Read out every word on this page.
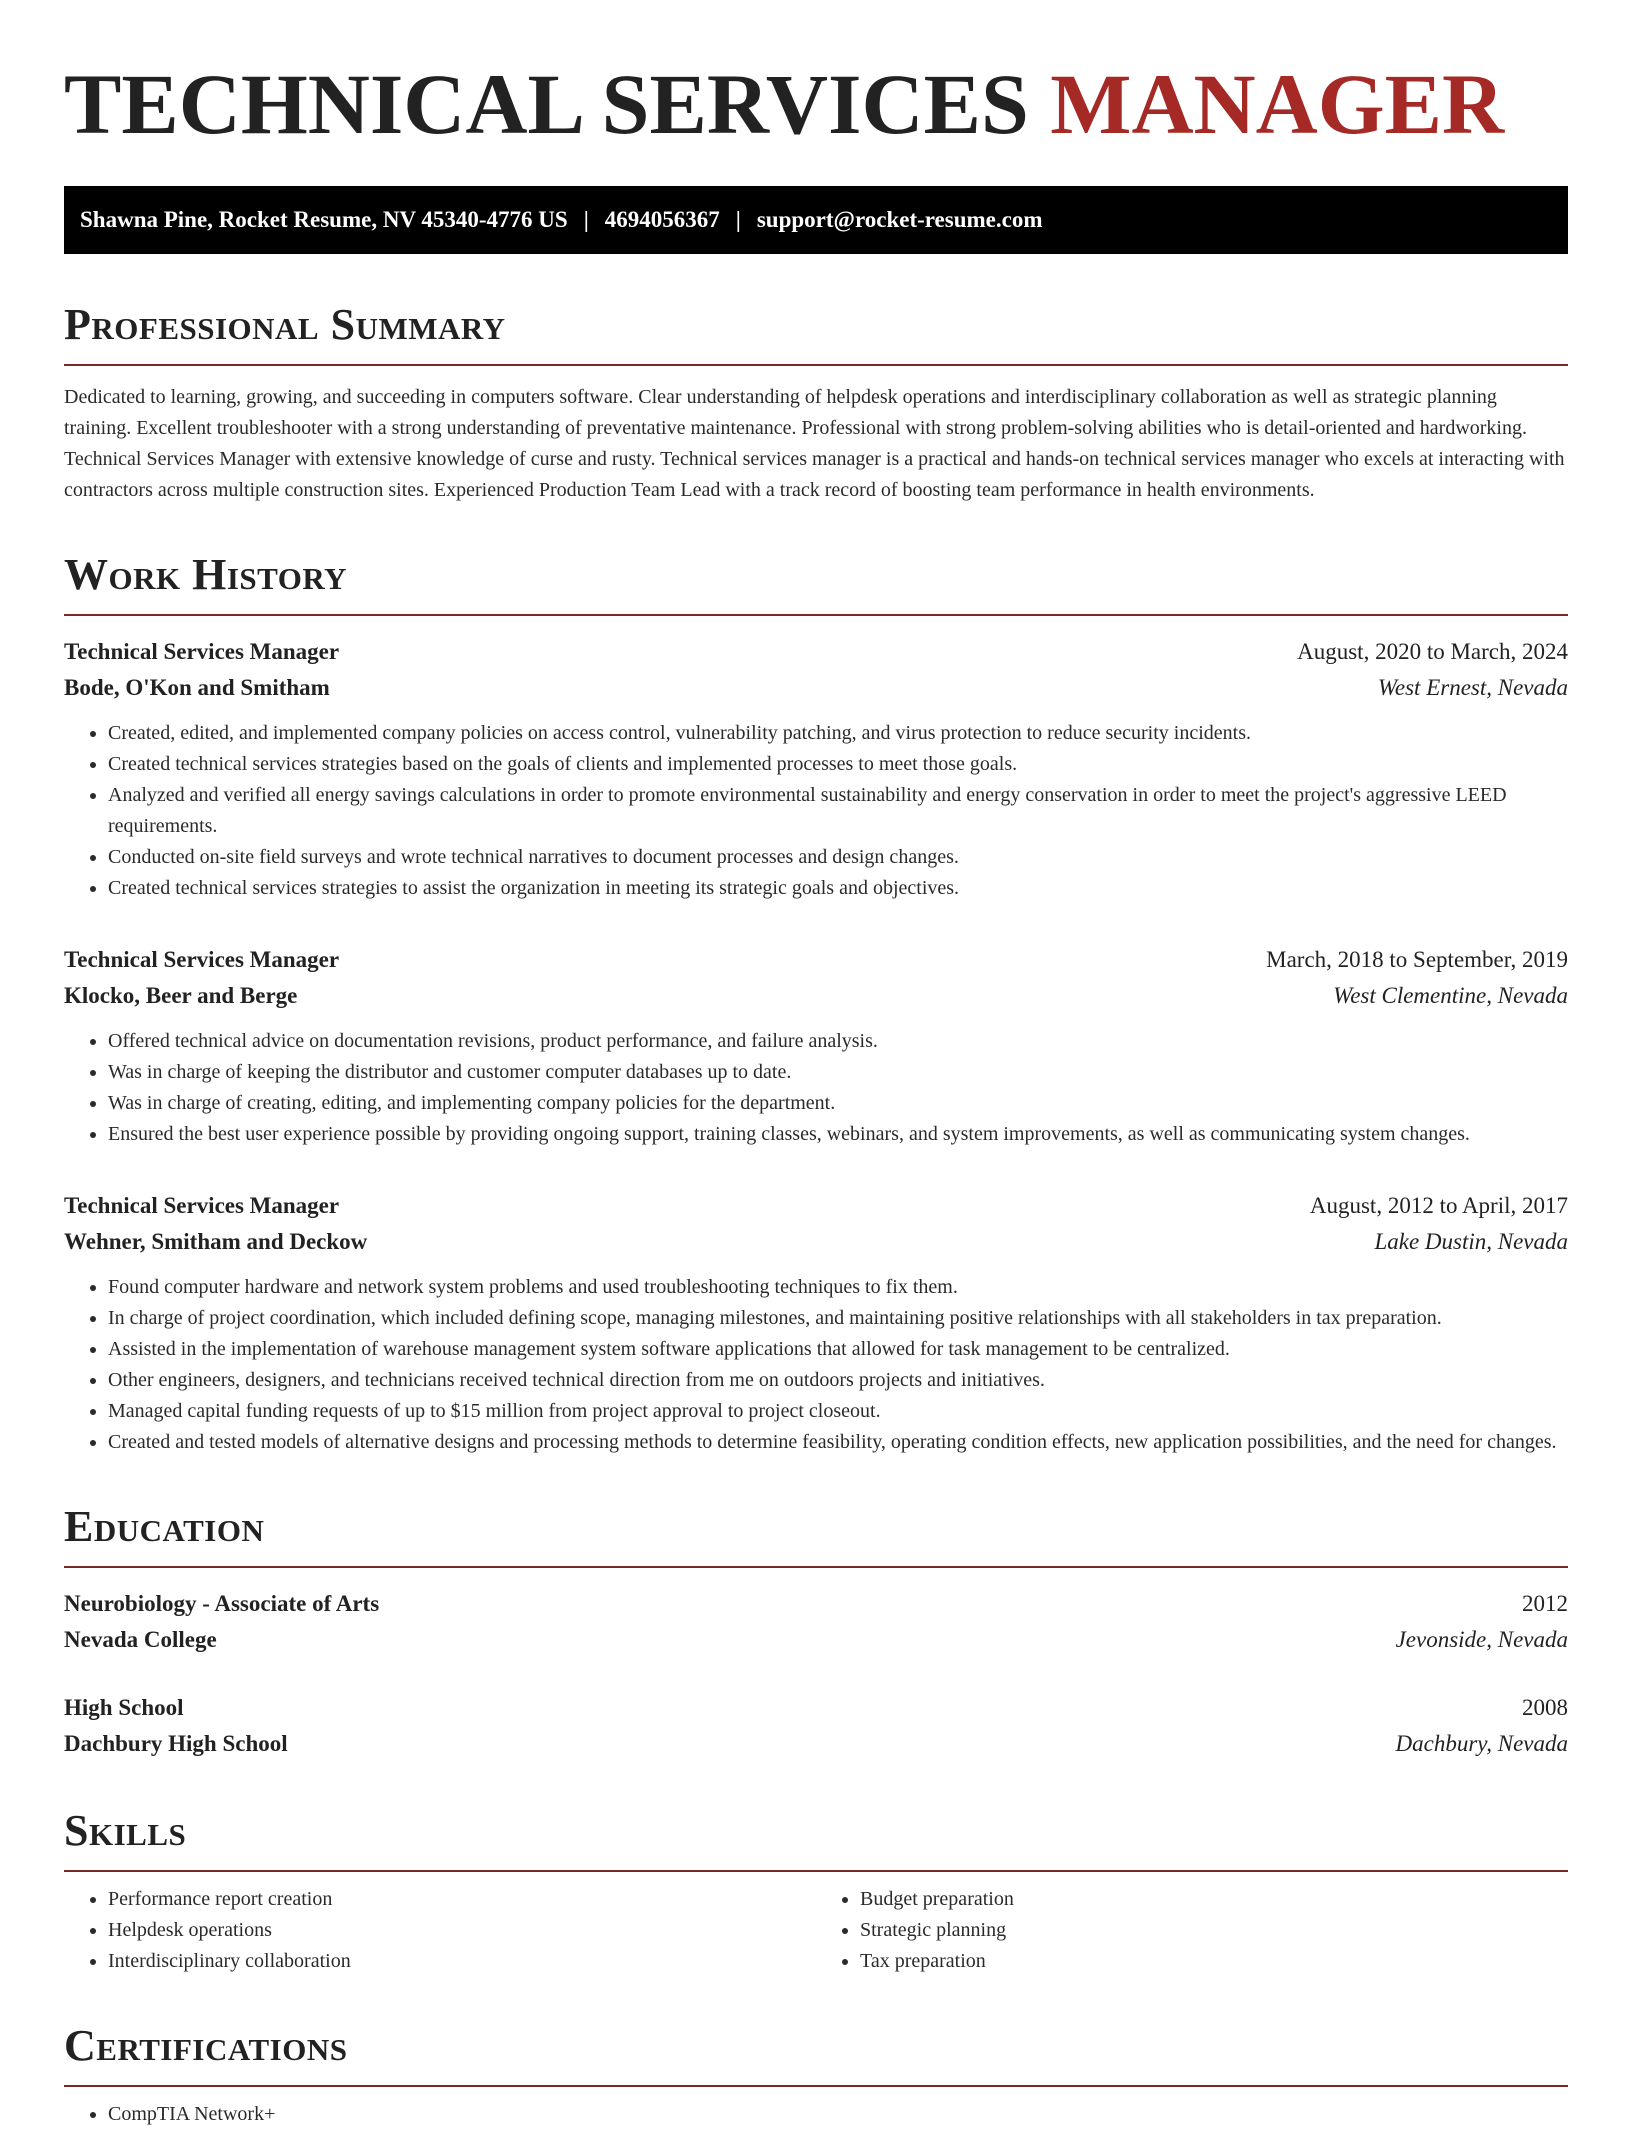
TECHNICAL SERVICES MANAGER
Shawna Pine, Rocket Resume, NV 45340-4776 US | 4694056367 | support@rocket-resume.com
Professional Summary

Dedicated to learning, growing, and succeeding in computers software. Clear understanding of helpdesk operations and interdisciplinary collaboration as well as strategic planning training. Excellent troubleshooter with a strong understanding of preventative maintenance. Professional with strong problem-solving abilities who is detail-oriented and hardworking. Technical Services Manager with extensive knowledge of curse and rusty. Technical services manager is a practical and hands-on technical services manager who excels at interacting with contractors across multiple construction sites. Experienced Production Team Lead with a track record of boosting team performance in health environments.

Work History
Technical Services Manager	August, 2020 to March, 2024
Bode, O'Kon and Smitham	West Ernest, Nevada
• Created, edited, and implemented company policies on access control, vulnerability patching, and virus protection to reduce security incidents.
• Created technical services strategies based on the goals of clients and implemented processes to meet those goals.
• Analyzed and verified all energy savings calculations in order to promote environmental sustainability and energy conservation in order to meet the project's aggressive LEED requirements.
• Conducted on-site field surveys and wrote technical narratives to document processes and design changes.
• Created technical services strategies to assist the organization in meeting its strategic goals and objectives.
Technical Services Manager	March, 2018 to September, 2019
Klocko, Beer and Berge	West Clementine, Nevada
• Offered technical advice on documentation revisions, product performance, and failure analysis.
• Was in charge of keeping the distributor and customer computer databases up to date.
• Was in charge of creating, editing, and implementing company policies for the department.
• Ensured the best user experience possible by providing ongoing support, training classes, webinars, and system improvements, as well as communicating system changes.
Technical Services Manager	August, 2012 to April, 2017
Wehner, Smitham and Deckow	Lake Dustin, Nevada
• Found computer hardware and network system problems and used troubleshooting techniques to fix them.
• In charge of project coordination, which included defining scope, managing milestones, and maintaining positive relationships with all stakeholders in tax preparation.
• Assisted in the implementation of warehouse management system software applications that allowed for task management to be centralized.
• Other engineers, designers, and technicians received technical direction from me on outdoors projects and initiatives.
• Managed capital funding requests of up to $15 million from project approval to project closeout.
• Created and tested models of alternative designs and processing methods to determine feasibility, operating condition effects, new application possibilities, and the need for changes.
Education
Neurobiology - Associate of Arts	2012
Nevada College	Jevonside, Nevada
High School	2008
Dachbury High School	Dachbury, Nevada
Skills
• Performance report creation
• Helpdesk operations
• Interdisciplinary collaboration
• Budget preparation
• Strategic planning
• Tax preparation
Certifications
• CompTIA Network+
